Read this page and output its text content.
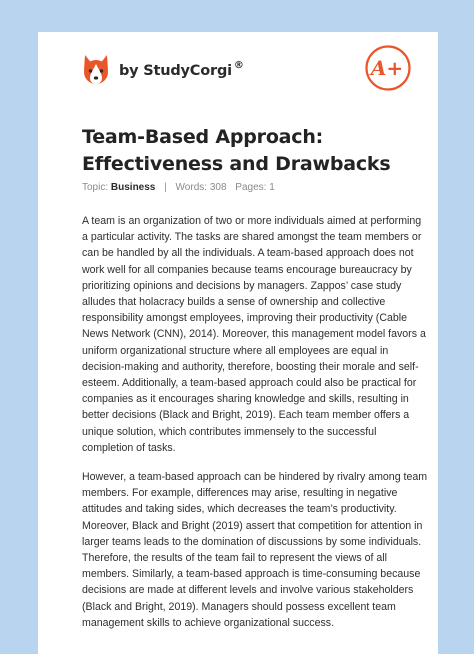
by StudyCorgi ®	A+
Team-Based Approach: Effectiveness and Drawbacks
Topic: Business | Words: 308 Pages: 1

A team is an organization of two or more individuals aimed at performing a particular activity. The tasks are shared amongst the team members or can be handled by all the individuals. A team-based approach does not work well for all companies because teams encourage bureaucracy by prioritizing opinions and decisions by managers. Zappos’ case study alludes that holacracy builds a sense of ownership and collective responsibility amongst employees, improving their productivity (Cable News Network (CNN), 2014). Moreover, this management model favors a uniform organizational structure where all employees are equal in decision-making and authority, therefore, boosting their morale and self-esteem. Additionally, a team-based approach could also be practical for companies as it encourages sharing knowledge and skills, resulting in better decisions (Black and Bright, 2019). Each team member offers a unique solution, which contributes immensely to the successful completion of tasks.

However, a team-based approach can be hindered by rivalry among team members. For example, differences may arise, resulting in negative attitudes and taking sides, which decreases the team’s productivity. Moreover, Black and Bright (2019) assert that competition for attention in larger teams leads to the domination of discussions by some individuals. Therefore, the results of the team fail to represent the views of all members. Similarly, a team-based approach is time-consuming because decisions are made at different levels and involve various stakeholders (Black and Bright, 2019). Managers should possess excellent team management skills to achieve organizational success.
